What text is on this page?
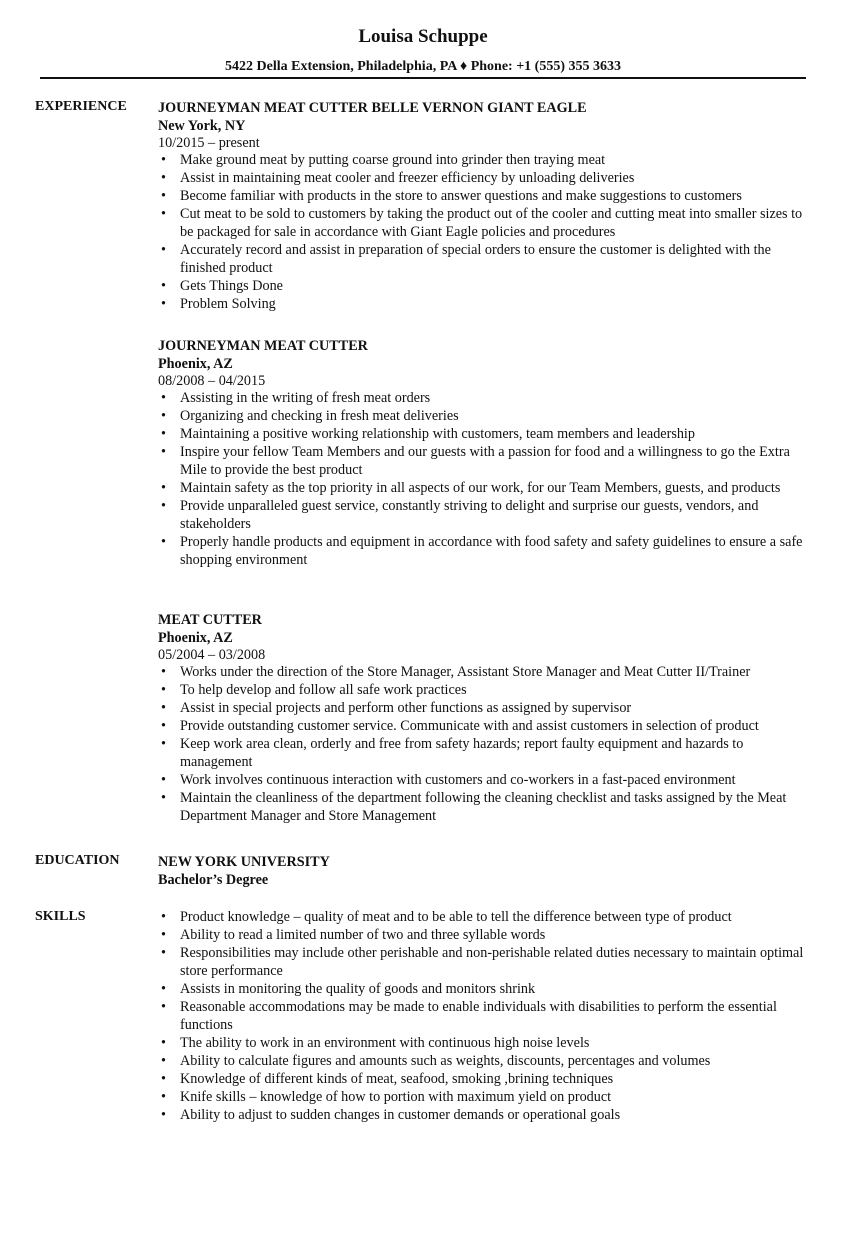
Louisa Schuppe
5422 Della Extension, Philadelphia, PA ♦ Phone: +1 (555) 355 3633
EXPERIENCE JOURNEYMAN MEAT CUTTER BELLE VERNON GIANT EAGLE
New York, NY
10/2015 – present
• Make ground meat by putting coarse ground into grinder then traying meat
• Assist in maintaining meat cooler and freezer efficiency by unloading deliveries
• Become familiar with products in the store to answer questions and make suggestions to customers
• Cut meat to be sold to customers by taking the product out of the cooler and cutting meat into smaller sizes to be packaged for sale in accordance with Giant Eagle policies and procedures
• Accurately record and assist in preparation of special orders to ensure the customer is delighted with the finished product
• Gets Things Done
• Problem Solving
JOURNEYMAN MEAT CUTTER
Phoenix, AZ
08/2008 – 04/2015
• Assisting in the writing of fresh meat orders
• Organizing and checking in fresh meat deliveries
• Maintaining a positive working relationship with customers, team members and leadership
• Inspire your fellow Team Members and our guests with a passion for food and a willingness to go the Extra Mile to provide the best product
• Maintain safety as the top priority in all aspects of our work, for our Team Members, guests, and products
• Provide unparalleled guest service, constantly striving to delight and surprise our guests, vendors, and stakeholders
• Properly handle products and equipment in accordance with food safety and safety guidelines to ensure a safe shopping environment
MEAT CUTTER
Phoenix, AZ
05/2004 – 03/2008
• Works under the direction of the Store Manager, Assistant Store Manager and Meat Cutter II/Trainer
• To help develop and follow all safe work practices
• Assist in special projects and perform other functions as assigned by supervisor
• Provide outstanding customer service. Communicate with and assist customers in selection of product
• Keep work area clean, orderly and free from safety hazards; report faulty equipment and hazards to management
• Work involves continuous interaction with customers and co-workers in a fast-paced environment
• Maintain the cleanliness of the department following the cleaning checklist and tasks assigned by the Meat Department Manager and Store Management
EDUCATION	NEW YORK UNIVERSITY
Bachelor’s Degree
SKILLS
•	Product knowledge – quality of meat and to be able to tell the difference between type of product
• Ability to read a limited number of two and three syllable words
• Responsibilities may include other perishable and non-perishable related duties necessary to maintain optimal store performance
• Assists in monitoring the quality of goods and monitors shrink
• Reasonable accommodations may be made to enable individuals with disabilities to perform the essential functions
• The ability to work in an environment with continuous high noise levels
• Ability to calculate figures and amounts such as weights, discounts, percentages and volumes
• Knowledge of different kinds of meat, seafood, smoking ,brining techniques
• Knife skills – knowledge of how to portion with maximum yield on product
• Ability to adjust to sudden changes in customer demands or operational goals
